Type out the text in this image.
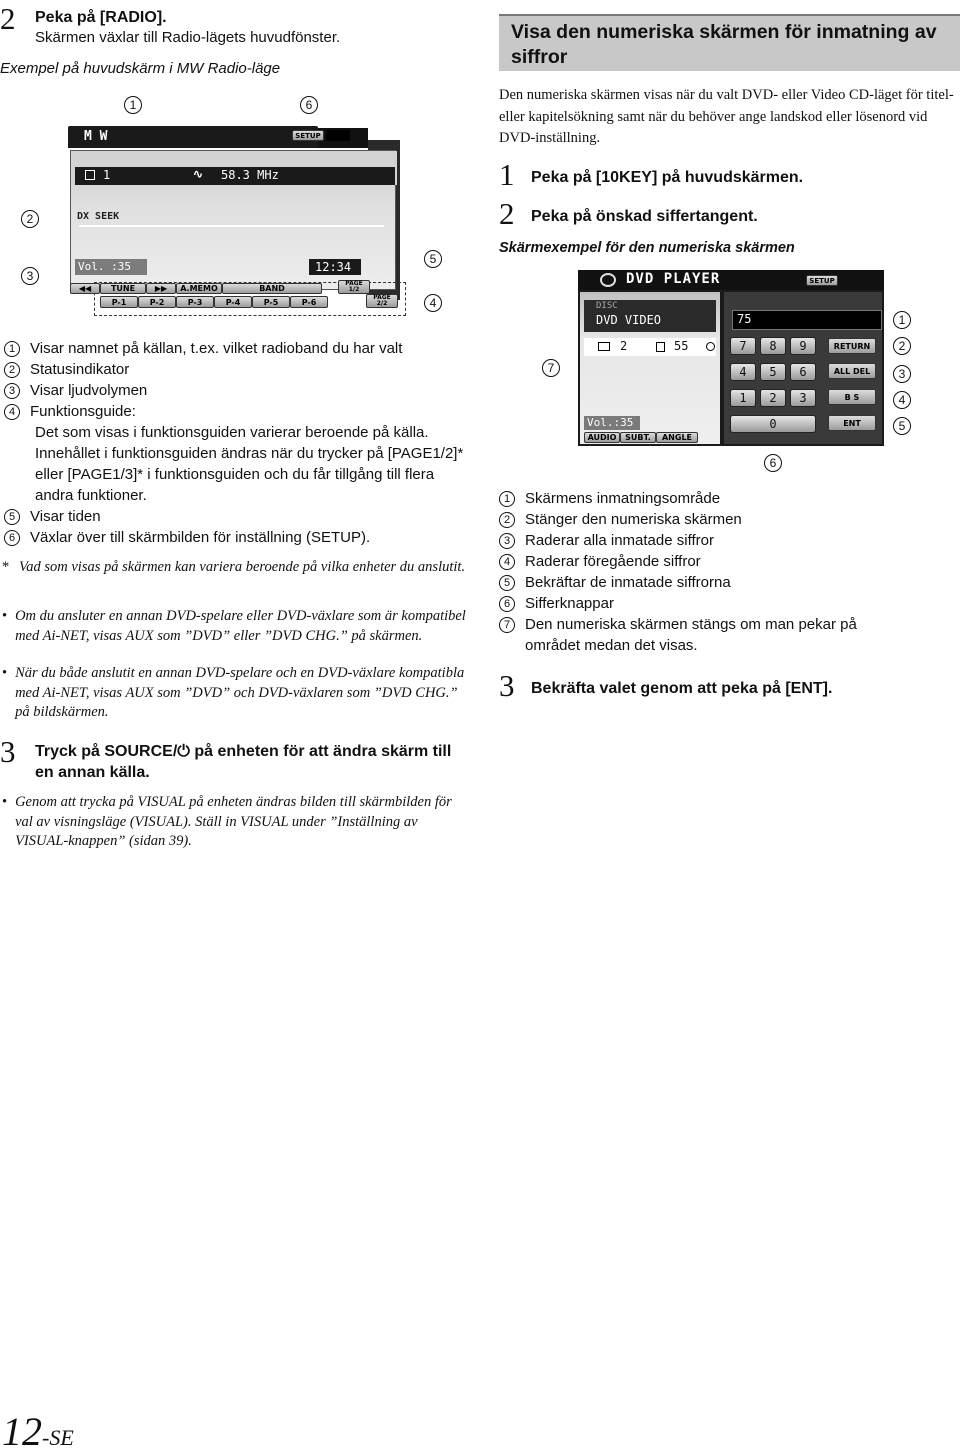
2 Peka på [RADIO].
Skärmen växlar till Radio-lägets huvudfönster.
Exempel på huvudskärm i MW Radio-läge
1	6
2
3
5
4
M W	SETUP
1	∿ 58.3 MHz
DX SEEK
Vol. :35	12:34
◀◀	TUNE	▶▶	A.MEMO	BAND
PAGE 1/2
P-1	P-2	P-3	P-4	P-5	P-6	PAGE 2/2
1 Visar namnet på källan, t.ex. vilket radioband du har valt
2 Statusindikator
3 Visar ljudvolymen
4 Funktionsguide:
Det som visas i funktionsguiden varierar beroende på källa. Innehållet i funktionsguiden ändras när du trycker på [PAGE1/2]* eller [PAGE1/3]* i funktionsguiden och du får tillgång till flera andra funktioner.
5 Visar tiden
6 Växlar över till skärmbilden för inställning (SETUP).
* Vad som visas på skärmen kan variera beroende på vilka enheter du anslutit.
• Om du ansluter en annan DVD-spelare eller DVD-växlare som är kompatibel med Ai-NET, visas AUX som ”DVD” eller ”DVD CHG.” på skärmen.
• När du både anslutit en annan DVD-spelare och en DVD-växlare kompatibla med Ai-NET, visas AUX som ”DVD” och DVD-växlaren som ”DVD CHG.” på bildskärmen.
3 Tryck på SOURCE/⏻ på enheten för att ändra skärm till en annan källa.
• Genom att trycka på VISUAL på enheten ändras bilden till skärmbilden för val av visningsläge (VISUAL). Ställ in VISUAL under ”Inställning av VISUAL-knappen” (sidan 39).
Visa den numeriska skärmen för inmatning av siffror
Den numeriska skärmen visas när du valt DVD- eller Video CD-läget för titel- eller kapitelsökning samt när du behöver ange landskod eller lösenord vid DVD-inställning.
1 Peka på [10KEY] på huvudskärmen.
2 Peka på önskad siffertangent.
Skärmexempel för den numeriska skärmen
DVD PLAYER	SETUP
DISC
DVD VIDEO
2	55
Vol.:35
AUDIO	SUBT.	ANGLE
75
7	8	9
4	5	6
1	2	3
0
RETURN
ALL DEL
B S
ENT
1
2
3
4
5
6
7
1 Skärmens inmatningsområde
2 Stänger den numeriska skärmen
3 Raderar alla inmatade siffror
4 Raderar föregående siffror
5 Bekräftar de inmatade siffrorna
6 Sifferknappar
7 Den numeriska skärmen stängs om man pekar på området medan det visas.
3 Bekräfta valet genom att peka på [ENT].
12-SE
